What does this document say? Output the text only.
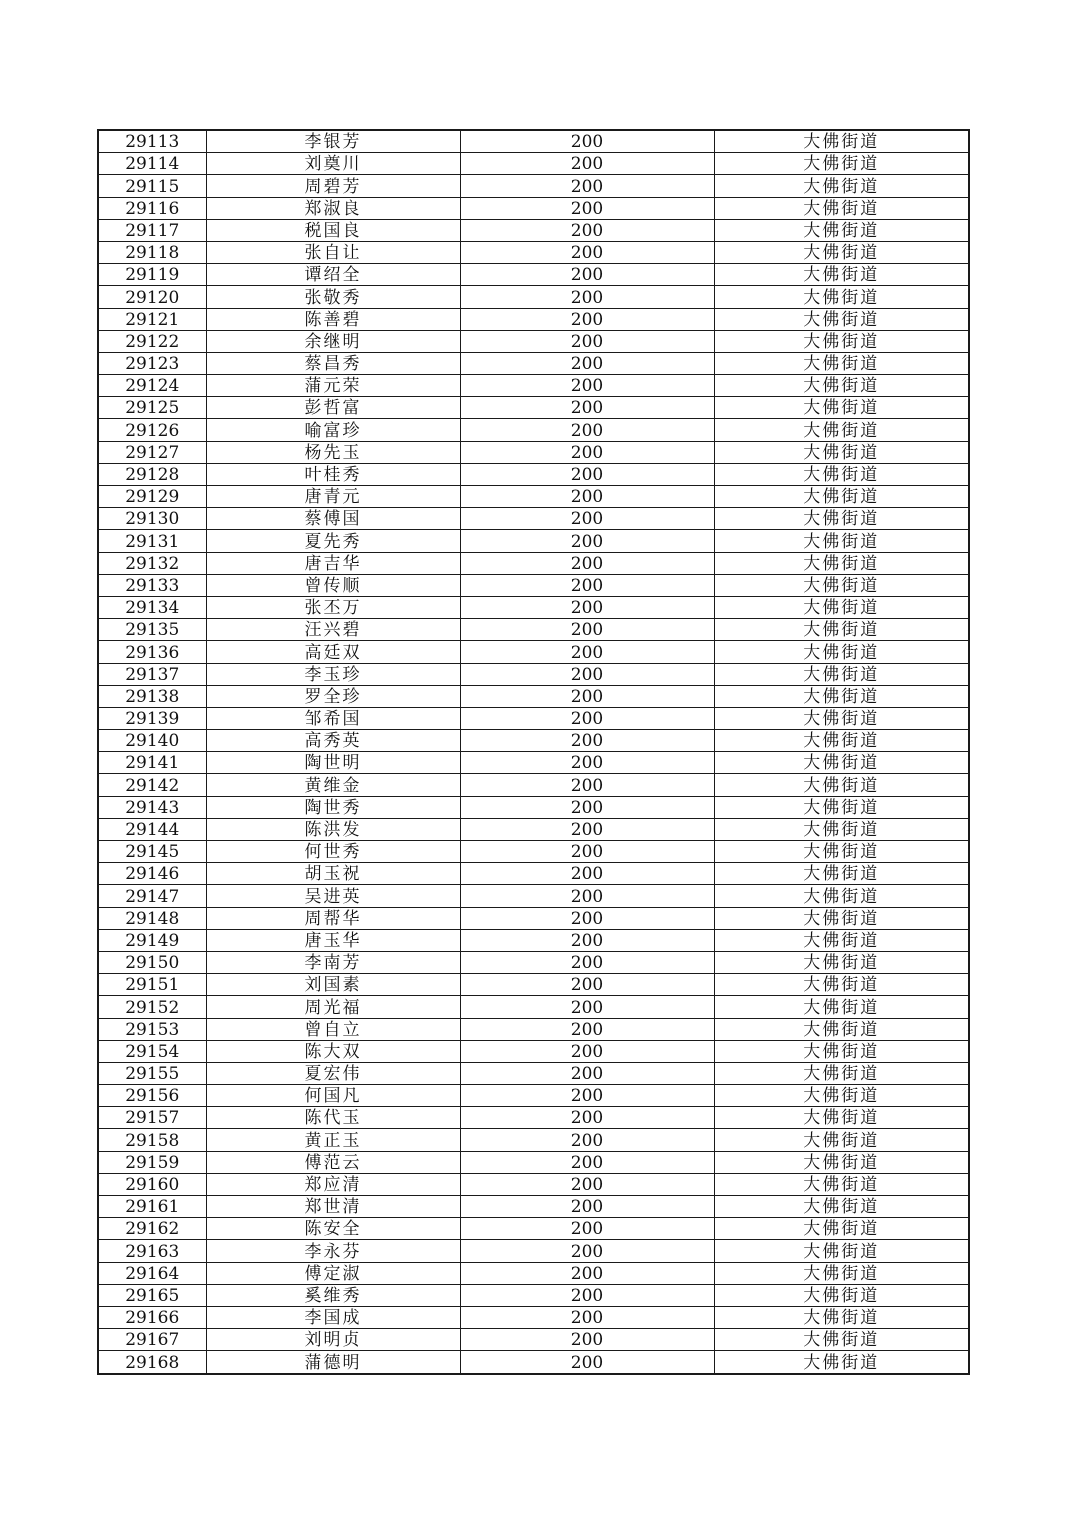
29113	李银芳	200	大佛街道
29114	刘奠川	200	大佛街道
29115	周碧芳	200	大佛街道
29116	郑淑良	200	大佛街道
29117	税国良	200	大佛街道
29118	张自让	200	大佛街道
29119	谭绍全	200	大佛街道
29120	张敬秀	200	大佛街道
29121	陈善碧	200	大佛街道
29122	余继明	200	大佛街道
29123	蔡昌秀	200	大佛街道
29124	蒲元荣	200	大佛街道
29125	彭哲富	200	大佛街道
29126	喻富珍	200	大佛街道
29127	杨先玉	200	大佛街道
29128	叶桂秀	200	大佛街道
29129	唐青元	200	大佛街道
29130	蔡傅国	200	大佛街道
29131	夏先秀	200	大佛街道
29132	唐吉华	200	大佛街道
29133	曾传顺	200	大佛街道
29134	张丕万	200	大佛街道
29135	汪兴碧	200	大佛街道
29136	高廷双	200	大佛街道
29137	李玉珍	200	大佛街道
29138	罗全珍	200	大佛街道
29139	邹希国	200	大佛街道
29140	高秀英	200	大佛街道
29141	陶世明	200	大佛街道
29142	黄维金	200	大佛街道
29143	陶世秀	200	大佛街道
29144	陈洪发	200	大佛街道
29145	何世秀	200	大佛街道
29146	胡玉祝	200	大佛街道
29147	吴进英	200	大佛街道
29148	周帮华	200	大佛街道
29149	唐玉华	200	大佛街道
29150	李南芳	200	大佛街道
29151	刘国素	200	大佛街道
29152	周光福	200	大佛街道
29153	曾自立	200	大佛街道
29154	陈大双	200	大佛街道
29155	夏宏伟	200	大佛街道
29156	何国凡	200	大佛街道
29157	陈代玉	200	大佛街道
29158	黄正玉	200	大佛街道
29159	傅范云	200	大佛街道
29160	郑应清	200	大佛街道
29161	郑世清	200	大佛街道
29162	陈安全	200	大佛街道
29163	李永芬	200	大佛街道
29164	傅定淑	200	大佛街道
29165	奚维秀	200	大佛街道
29166	李国成	200	大佛街道
29167	刘明贞	200	大佛街道
29168	蒲德明	200	大佛街道
